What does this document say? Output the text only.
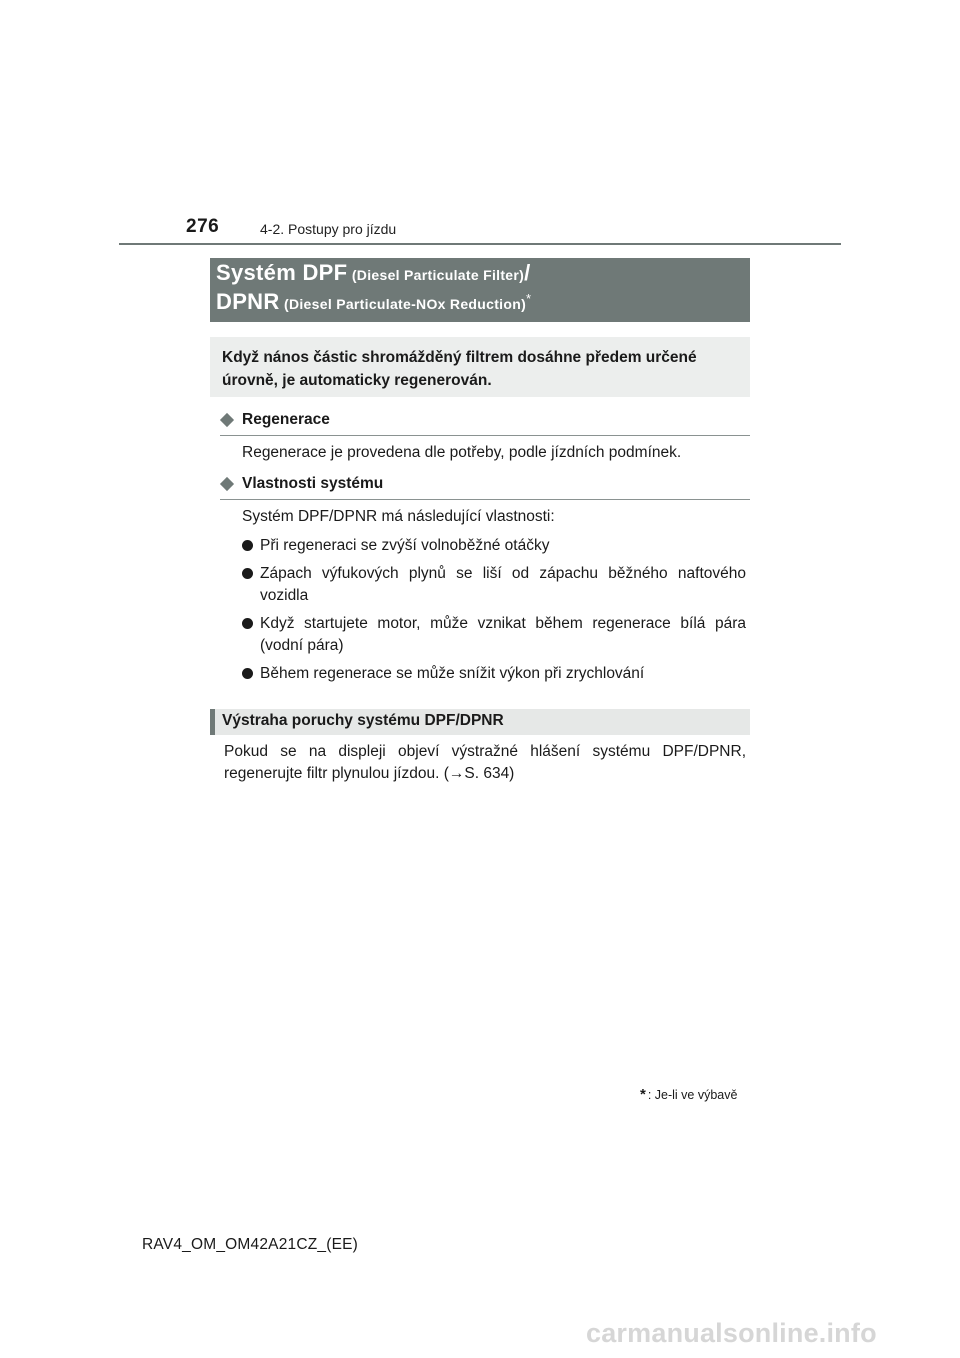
276	4-2. Postupy pro jízdu
Systém DPF (Diesel Particulate Filter)/
DPNR (Diesel Particulate-NOx Reduction)*
Když nános částic shromážděný filtrem dosáhne předem určené úrovně, je automaticky regenerován.
Regenerace
Regenerace je provedena dle potřeby, podle jízdních podmínek.
Vlastnosti systému
Systém DPF/DPNR má následující vlastnosti:
Při regeneraci se zvýší volnoběžné otáčky
Zápach výfukových plynů se liší od zápachu běžného naftového vozidla
Když startujete motor, může vznikat během regenerace bílá pára (vodní pára)
Během regenerace se může snížit výkon při zrychlování
Výstraha poruchy systému DPF/DPNR
Pokud se na displeji objeví výstražné hlášení systému DPF/DPNR,
regenerujte filtr plynulou jízdou. (→S. 634)
* : Je-li ve výbavě
RAV4_OM_OM42A21CZ_(EE)
carmanualsonline.info
